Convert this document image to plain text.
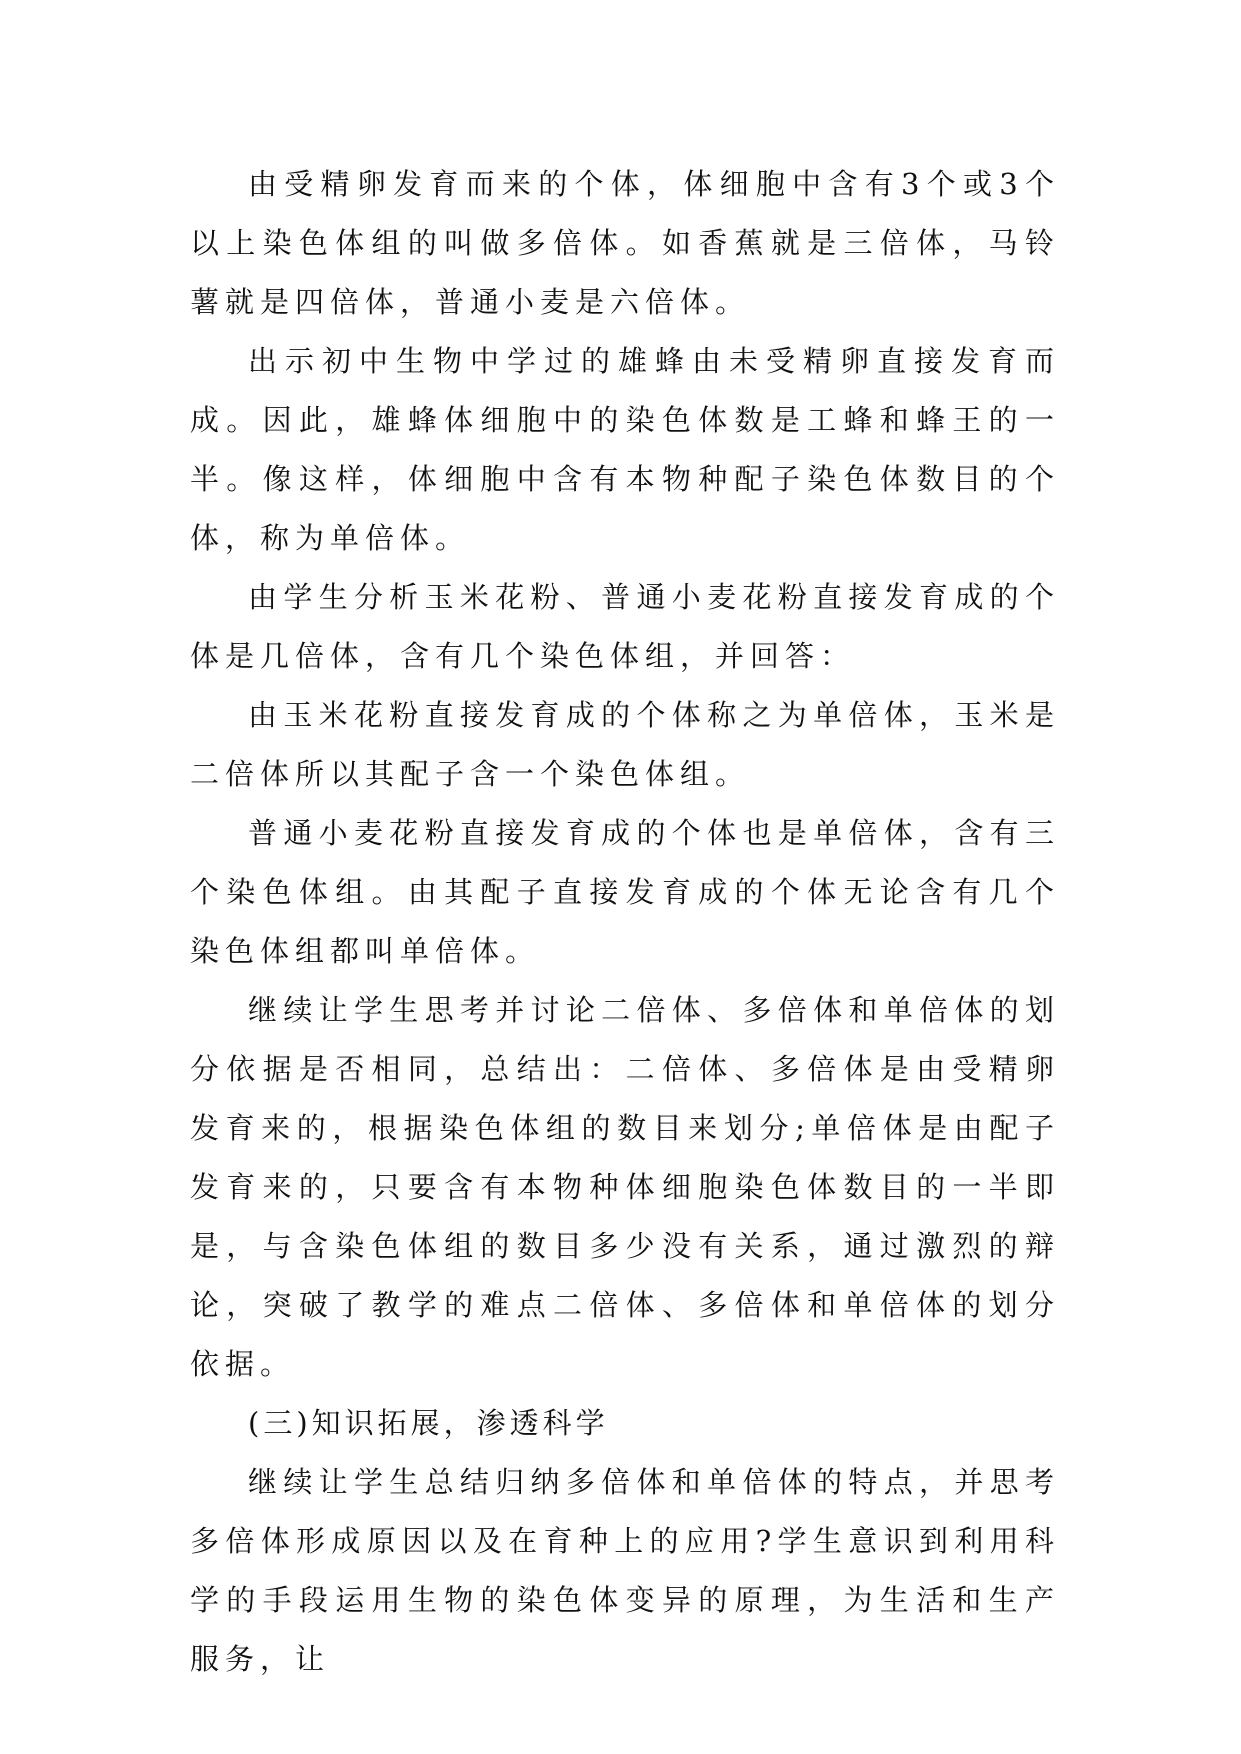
由受精卵发育而来的个体，体细胞中含有3个或3个以上染色体组的叫做多倍体。如香蕉就是三倍体，马铃薯就是四倍体，普通小麦是六倍体。

出示初中生物中学过的雄蜂由未受精卵直接发育而成。因此，雄蜂体细胞中的染色体数是工蜂和蜂王的一半。像这样，体细胞中含有本物种配子染色体数目的个体，称为单倍体。

由学生分析玉米花粉、普通小麦花粉直接发育成的个体是几倍体，含有几个染色体组，并回答：

由玉米花粉直接发育成的个体称之为单倍体，玉米是二倍体所以其配子含一个染色体组。

普通小麦花粉直接发育成的个体也是单倍体，含有三个染色体组。由其配子直接发育成的个体无论含有几个染色体组都叫单倍体。

继续让学生思考并讨论二倍体、多倍体和单倍体的划分依据是否相同，总结出：二倍体、多倍体是由受精卵发育来的，根据染色体组的数目来划分;单倍体是由配子发育来的，只要含有本物种体细胞染色体数目的一半即是，与含染色体组的数目多少没有关系，通过激烈的辩论，突破了教学的难点二倍体、多倍体和单倍体的划分依据。

(三)知识拓展，渗透科学

继续让学生总结归纳多倍体和单倍体的特点，并思考多倍体形成原因以及在育种上的应用?学生意识到利用科学的手段运用生物的染色体变异的原理，为生活和生产服务，让
